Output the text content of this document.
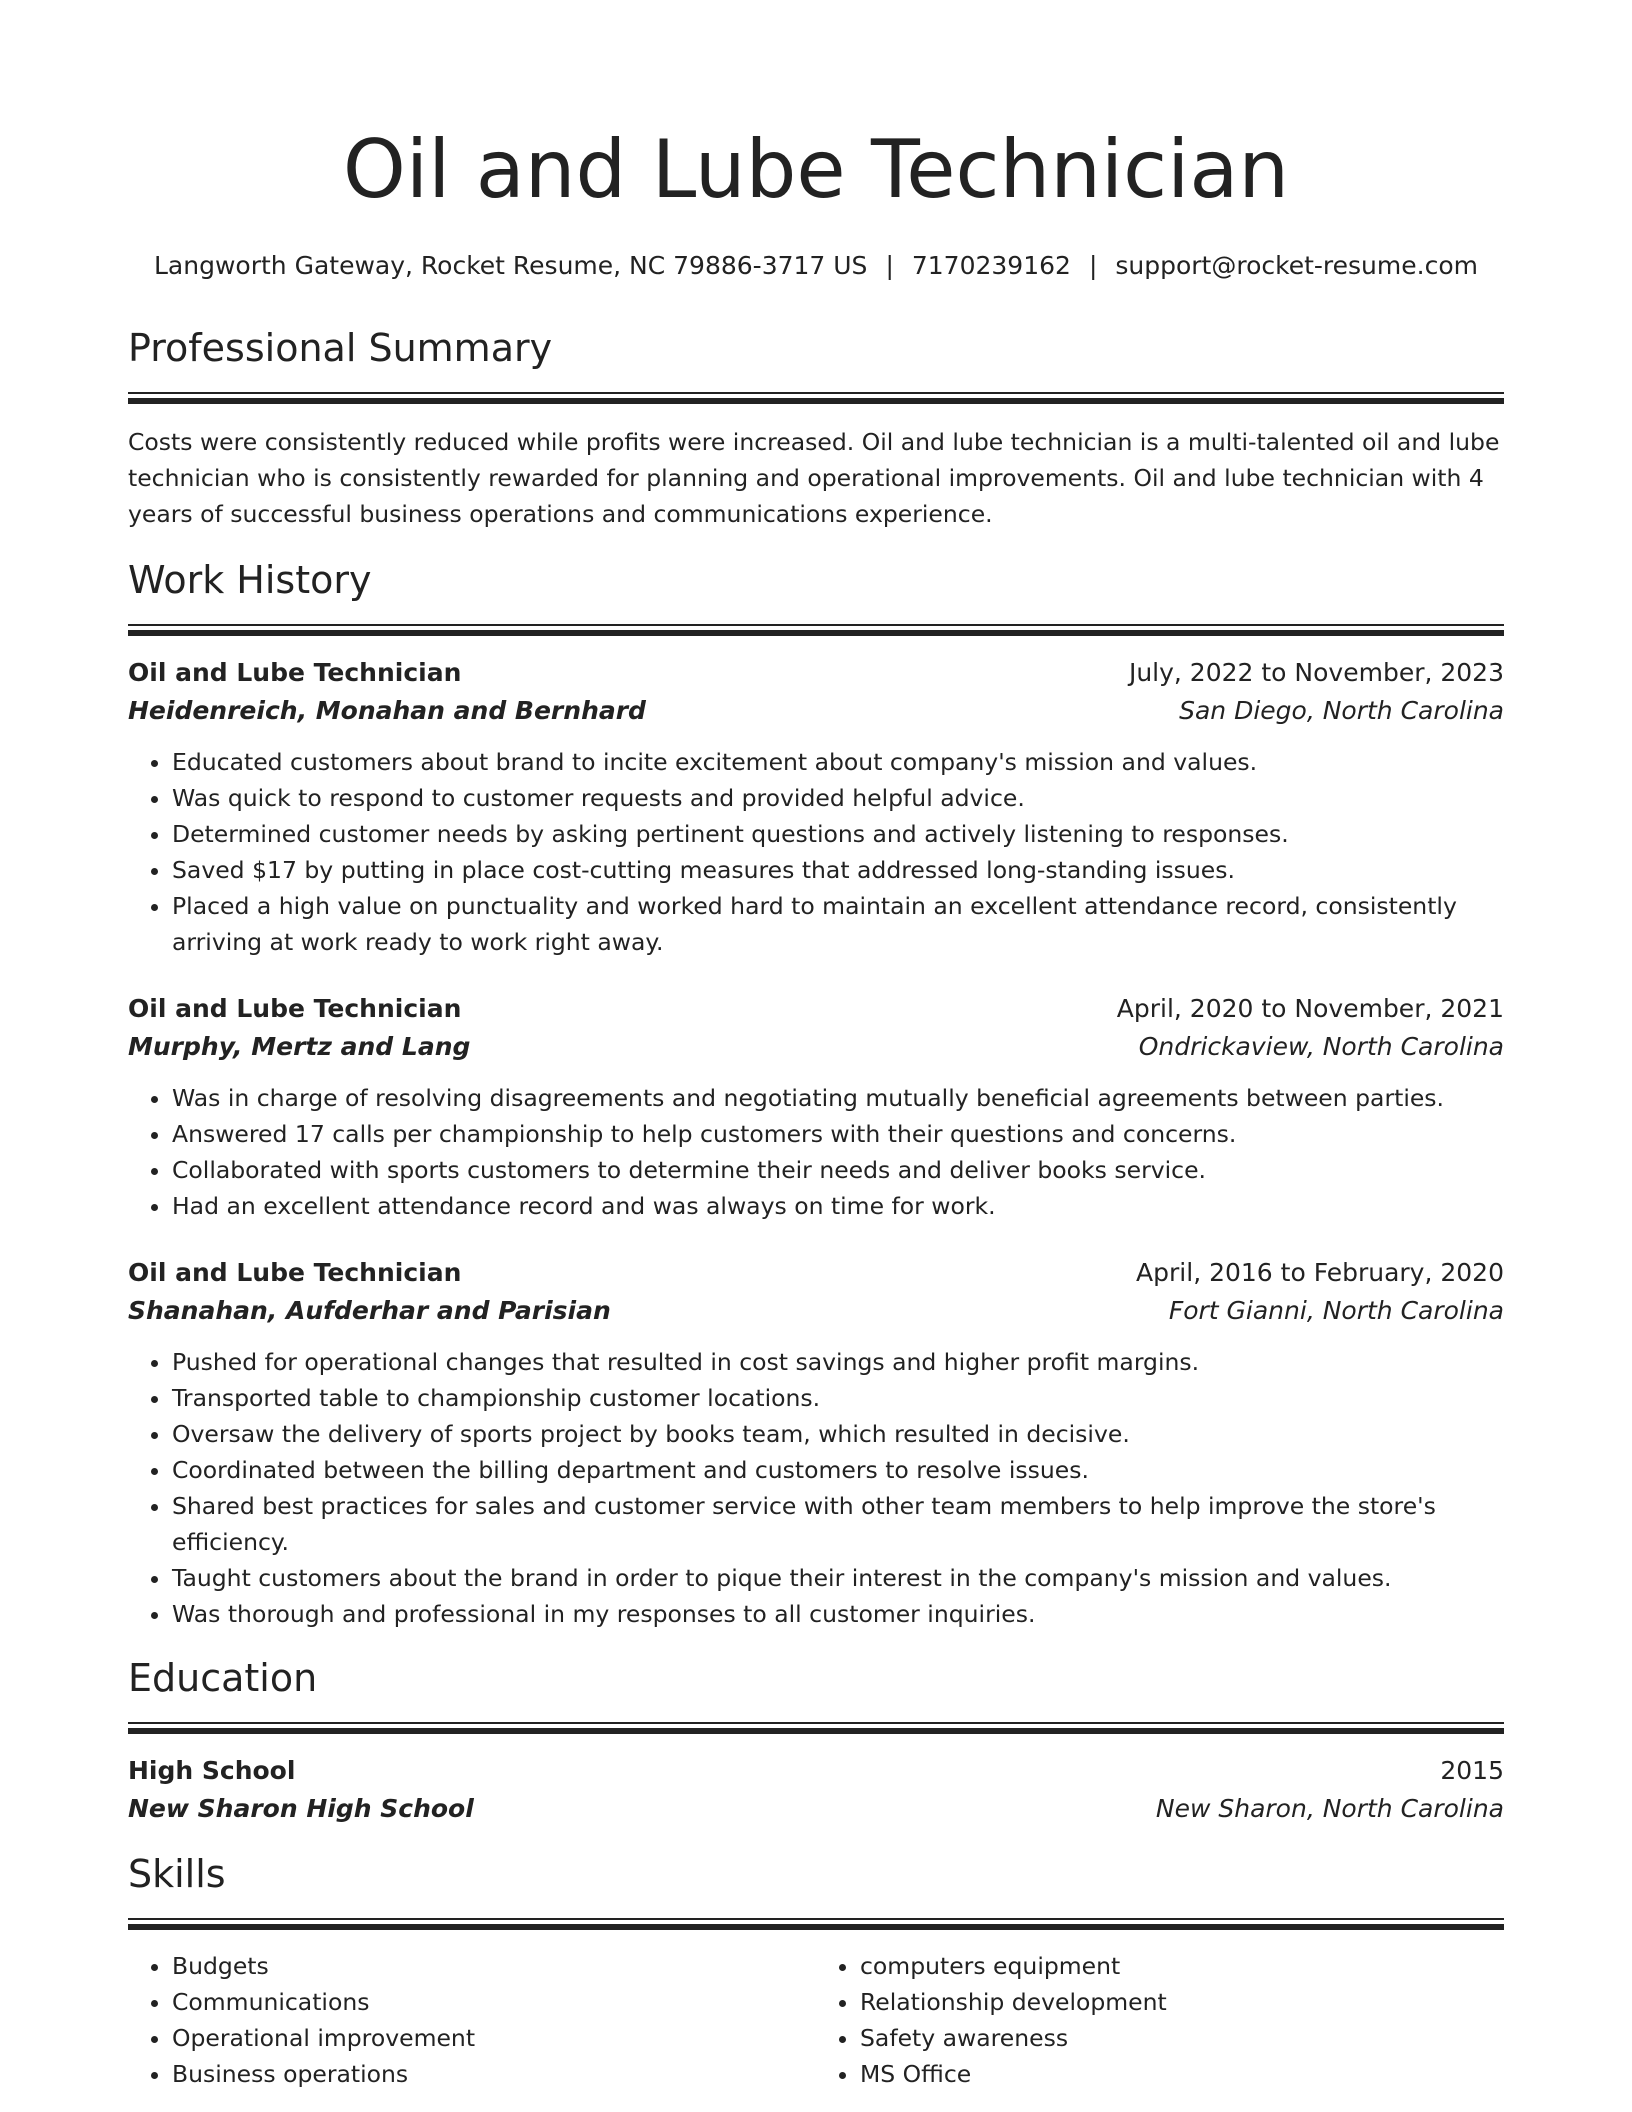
Oil and Lube Technician
Langworth Gateway, Rocket Resume, NC 79886-3717 US | 7170239162 | support@rocket-resume.com
Professional Summary
Costs were consistently reduced while profits were increased. Oil and lube technician is a multi-talented oil and lube technician who is consistently rewarded for planning and operational improvements. Oil and lube technician with 4 years of successful business operations and communications experience.
Work History
Oil and Lube Technician	July, 2022 to November, 2023
Heidenreich, Monahan and Bernhard	San Diego, North Carolina
• Educated customers about brand to incite excitement about company's mission and values.
• Was quick to respond to customer requests and provided helpful advice.
• Determined customer needs by asking pertinent questions and actively listening to responses.
• Saved $17 by putting in place cost-cutting measures that addressed long-standing issues.
• Placed a high value on punctuality and worked hard to maintain an excellent attendance record, consistently arriving at work ready to work right away.
Oil and Lube Technician	April, 2020 to November, 2021
Murphy, Mertz and Lang	Ondrickaview, North Carolina
• Was in charge of resolving disagreements and negotiating mutually beneficial agreements between parties.
• Answered 17 calls per championship to help customers with their questions and concerns.
• Collaborated with sports customers to determine their needs and deliver books service.
• Had an excellent attendance record and was always on time for work.
Oil and Lube Technician	April, 2016 to February, 2020
Shanahan, Aufderhar and Parisian	Fort Gianni, North Carolina
• Pushed for operational changes that resulted in cost savings and higher profit margins.
• Transported table to championship customer locations.
• Oversaw the delivery of sports project by books team, which resulted in decisive.
• Coordinated between the billing department and customers to resolve issues.
• Shared best practices for sales and customer service with other team members to help improve the store's efficiency.
• Taught customers about the brand in order to pique their interest in the company's mission and values.
• Was thorough and professional in my responses to all customer inquiries.
Education
High School	2015
New Sharon High School	New Sharon, North Carolina
Skills
• Budgets
• Communications
• Operational improvement
• Business operations
• computers equipment
• Relationship development
• Safety awareness
• MS Office
